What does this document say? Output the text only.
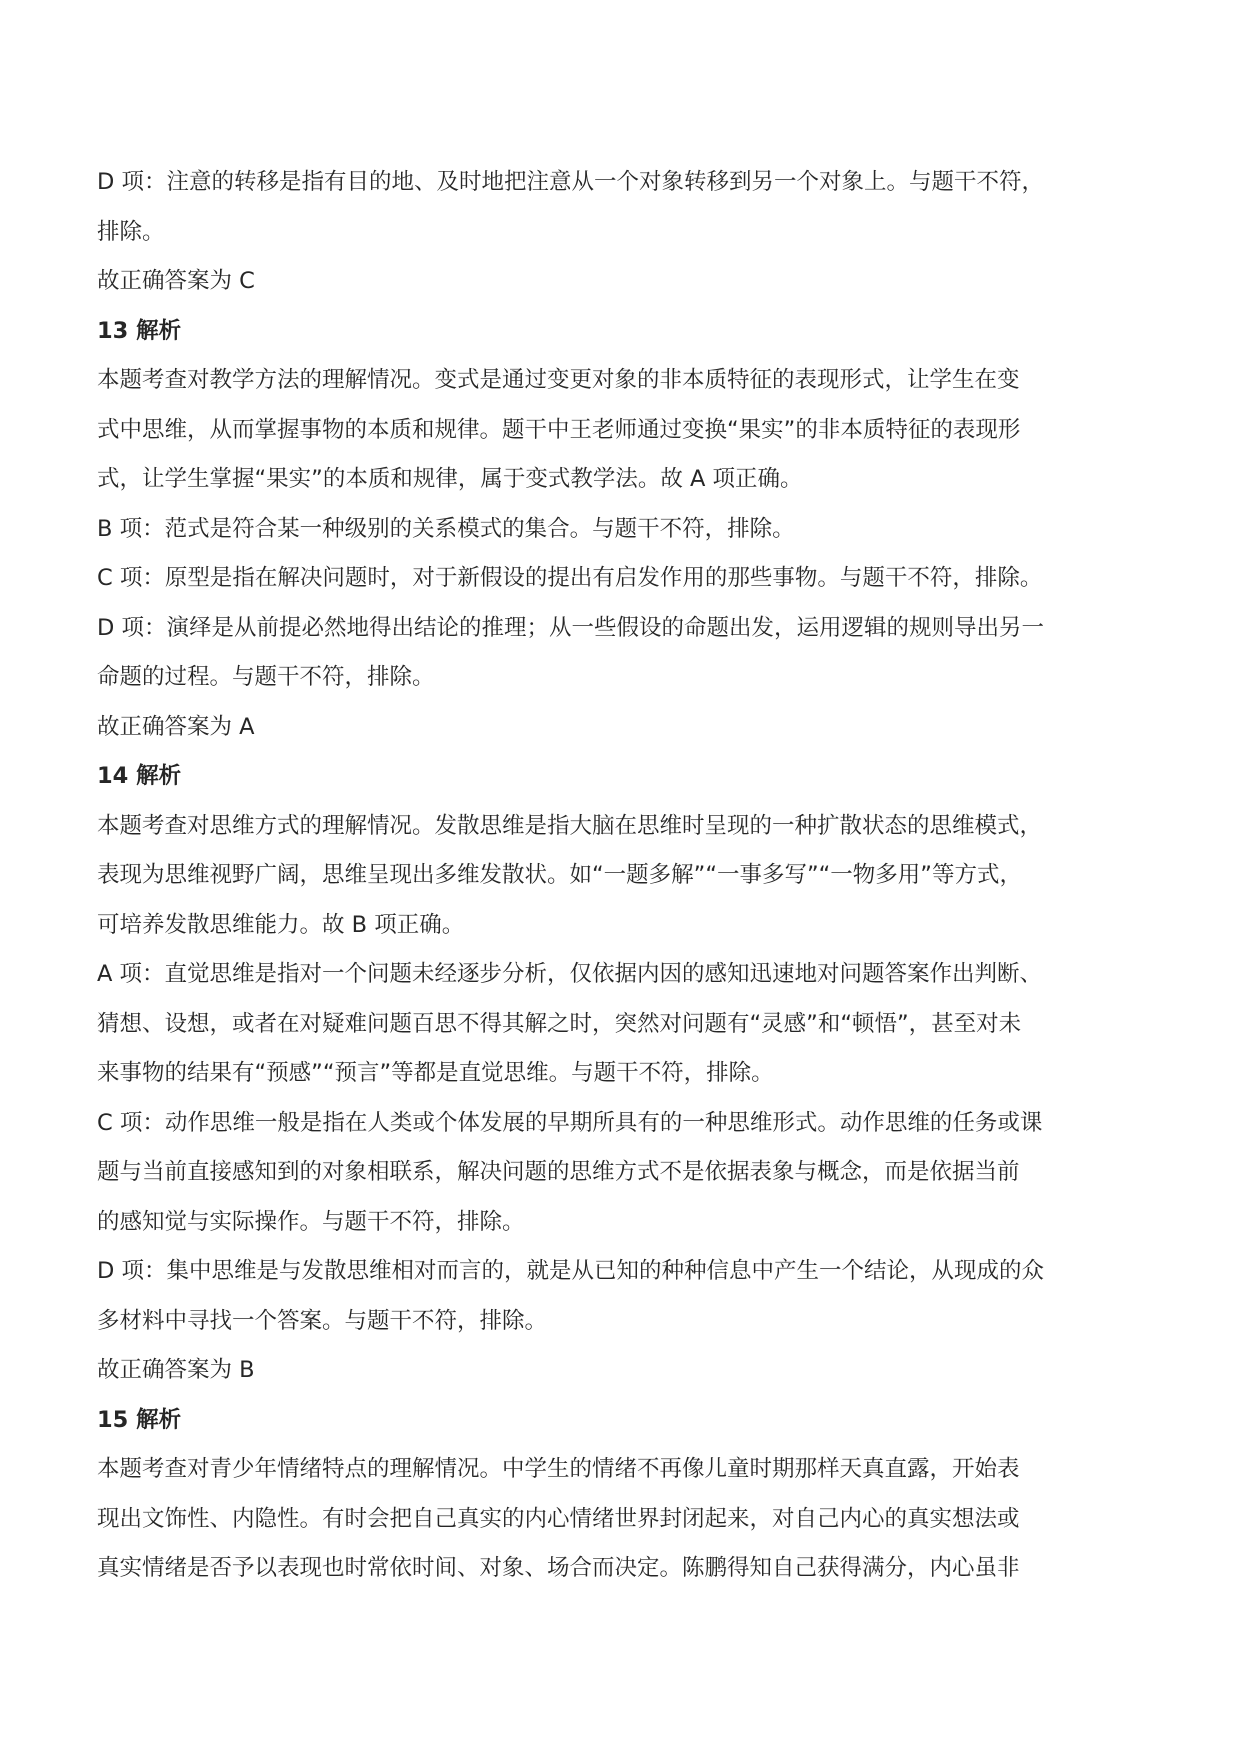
D 项：注意的转移是指有目的地、及时地把注意从一个对象转移到另一个对象上。与题干不符，
排除。
故正确答案为 C
13 解析
本题考查对教学方法的理解情况。变式是通过变更对象的非本质特征的表现形式，让学生在变
式中思维，从而掌握事物的本质和规律。题干中王老师通过变换“果实”的非本质特征的表现形
式，让学生掌握“果实”的本质和规律，属于变式教学法。故 A 项正确。
B 项：范式是符合某一种级别的关系模式的集合。与题干不符，排除。
C 项：原型是指在解决问题时，对于新假设的提出有启发作用的那些事物。与题干不符，排除。
D 项：演绎是从前提必然地得出结论的推理；从一些假设的命题出发，运用逻辑的规则导出另一
命题的过程。与题干不符，排除。
故正确答案为 A
14 解析
本题考查对思维方式的理解情况。发散思维是指大脑在思维时呈现的一种扩散状态的思维模式，
表现为思维视野广阔，思维呈现出多维发散状。如“一题多解”“一事多写”“一物多用”等方式，
可培养发散思维能力。故 B 项正确。
A 项：直觉思维是指对一个问题未经逐步分析，仅依据内因的感知迅速地对问题答案作出判断、
猜想、设想，或者在对疑难问题百思不得其解之时，突然对问题有“灵感”和“顿悟”，甚至对未
来事物的结果有“预感”“预言”等都是直觉思维。与题干不符，排除。
C 项：动作思维一般是指在人类或个体发展的早期所具有的一种思维形式。动作思维的任务或课
题与当前直接感知到的对象相联系，解决问题的思维方式不是依据表象与概念，而是依据当前
的感知觉与实际操作。与题干不符，排除。
D 项：集中思维是与发散思维相对而言的，就是从已知的种种信息中产生一个结论，从现成的众
多材料中寻找一个答案。与题干不符，排除。
故正确答案为 B
15 解析
本题考查对青少年情绪特点的理解情况。中学生的情绪不再像儿童时期那样天真直露，开始表
现出文饰性、内隐性。有时会把自己真实的内心情绪世界封闭起来，对自己内心的真实想法或
真实情绪是否予以表现也时常依时间、对象、场合而决定。陈鹏得知自己获得满分，内心虽非
